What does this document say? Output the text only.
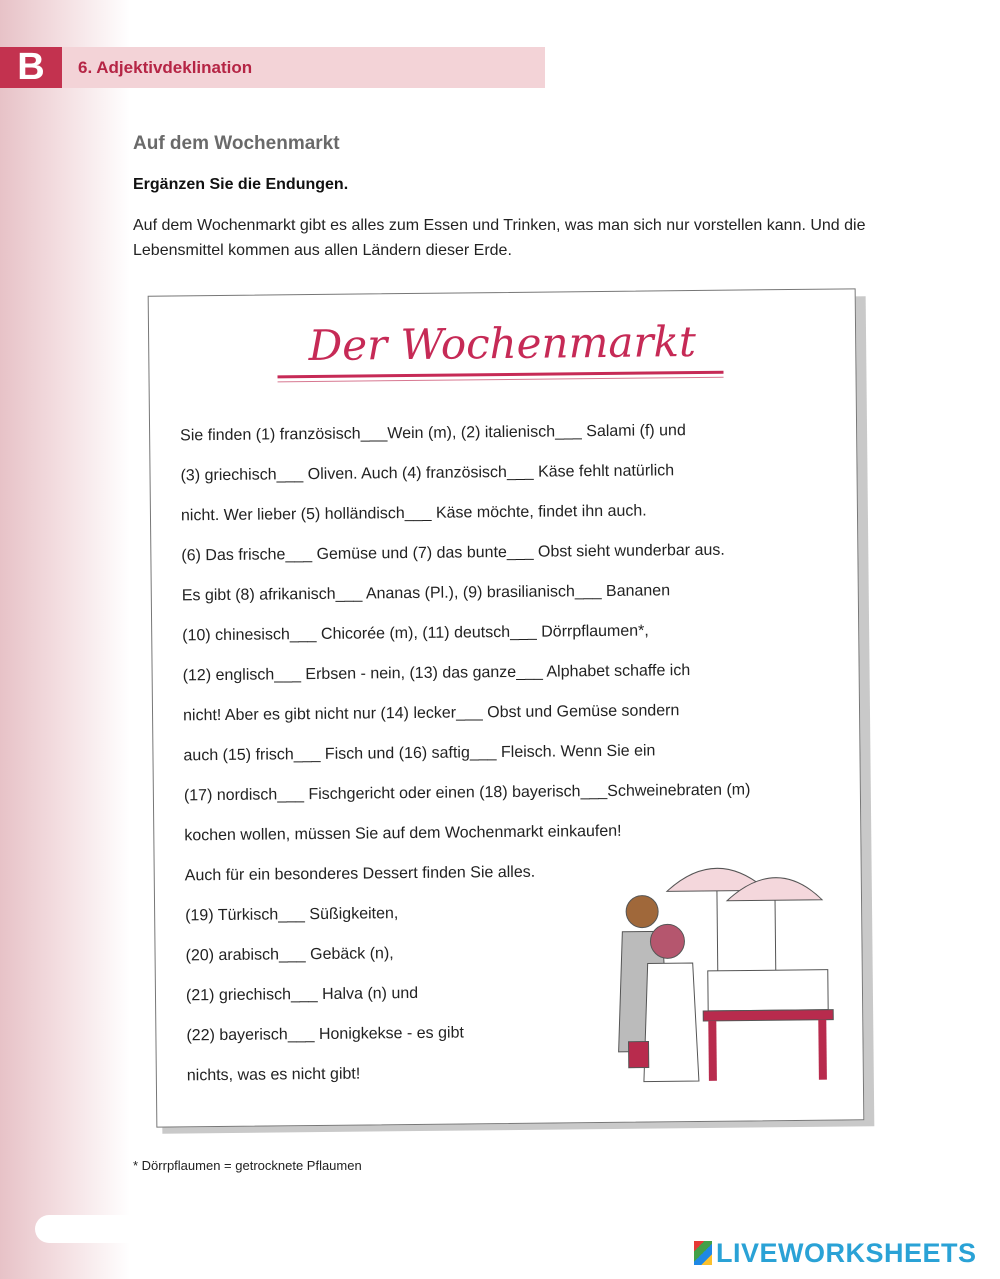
B	6. Adjektivdeklination
Auf dem Wochenmarkt
Ergänzen Sie die Endungen.
Auf dem Wochenmarkt gibt es alles zum Essen und Trinken, was man sich nur vorstellen kann. Und die Lebensmittel kommen aus allen Ländern dieser Erde.
Der Wochenmarkt
Sie finden (1) französisch___Wein (m), (2) italienisch___ Salami (f) und
(3) griechisch___ Oliven. Auch (4) französisch___ Käse fehlt natürlich
nicht. Wer lieber (5) holländisch___ Käse möchte, findet ihn auch.
(6) Das frische___ Gemüse und (7) das bunte___ Obst sieht wunderbar aus.
Es gibt (8) afrikanisch___ Ananas (Pl.), (9) brasilianisch___ Bananen
(10) chinesisch___ Chicorée (m), (11) deutsch___ Dörrpflaumen*,
(12) englisch___ Erbsen - nein, (13) das ganze___ Alphabet schaffe ich
nicht! Aber es gibt nicht nur (14) lecker___ Obst und Gemüse sondern
auch (15) frisch___ Fisch und (16) saftig___ Fleisch. Wenn Sie ein
(17) nordisch___ Fischgericht oder einen (18) bayerisch___Schweinebraten (m)
kochen wollen, müssen Sie auf dem Wochenmarkt einkaufen!
Auch für ein besonderes Dessert finden Sie alles.
(19) Türkisch___ Süßigkeiten,
(20) arabisch___ Gebäck (n),
(21) griechisch___ Halva (n) und
(22) bayerisch___ Honigkekse - es gibt
nichts, was es nicht gibt!
* Dörrpflaumen = getrocknete Pflaumen
LIVEWORKSHEETS
